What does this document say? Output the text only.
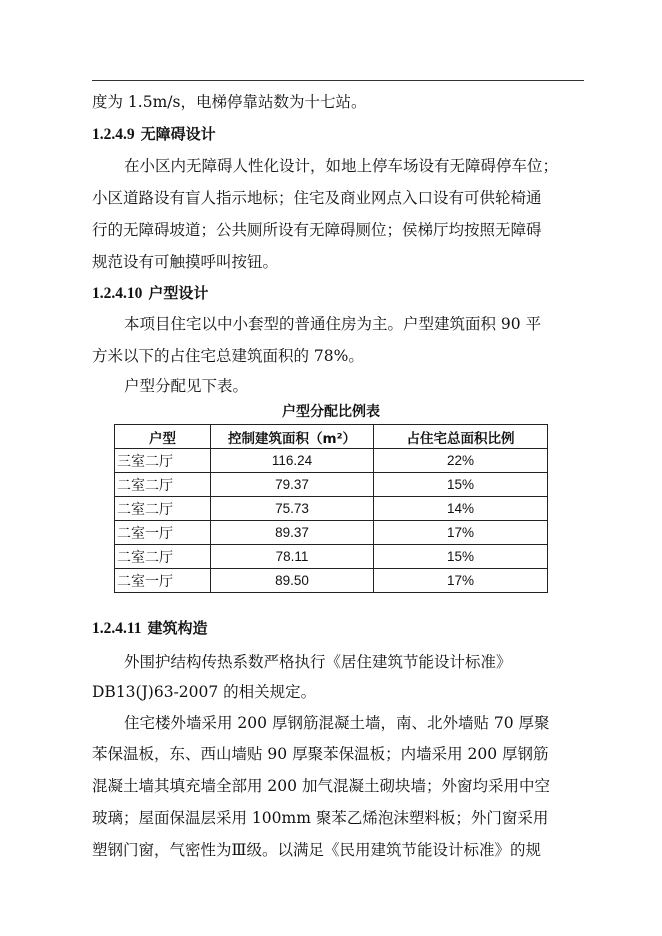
度为 1.5m/s，电梯停靠站数为十七站。
1.2.4.9 无障碍设计
在小区内无障碍人性化设计，如地上停车场设有无障碍停车位；
小区道路设有盲人指示地标；住宅及商业网点入口设有可供轮椅通
行的无障碍坡道；公共厕所设有无障碍厕位；侯梯厅均按照无障碍
规范设有可触摸呼叫按钮。
1.2.4.10 户型设计
本项目住宅以中小套型的普通住房为主。户型建筑面积 90 平
方米以下的占住宅总建筑面积的 78%。
户型分配见下表。
户型分配比例表
户型	控制建筑面积（m²）	占住宅总面积比例
三室二厅	116.24	22%
二室二厅	79.37	15%
二室二厅	75.73	14%
二室一厅	89.37	17%
二室二厅	78.11	15%
二室一厅	89.50	17%
1.2.4.11 建筑构造
外围护结构传热系数严格执行《居住建筑节能设计标准》
DB13(J)63-2007 的相关规定。
住宅楼外墙采用 200 厚钢筋混凝土墙，南、北外墙贴 70 厚聚
苯保温板，东、西山墙贴 90 厚聚苯保温板；内墙采用 200 厚钢筋
混凝土墙其填充墙全部用 200 加气混凝土砌块墙；外窗均采用中空
玻璃；屋面保温层采用 100mm 聚苯乙烯泡沫塑料板；外门窗采用
塑钢门窗，气密性为Ⅲ级。以满足《民用建筑节能设计标准》的规
